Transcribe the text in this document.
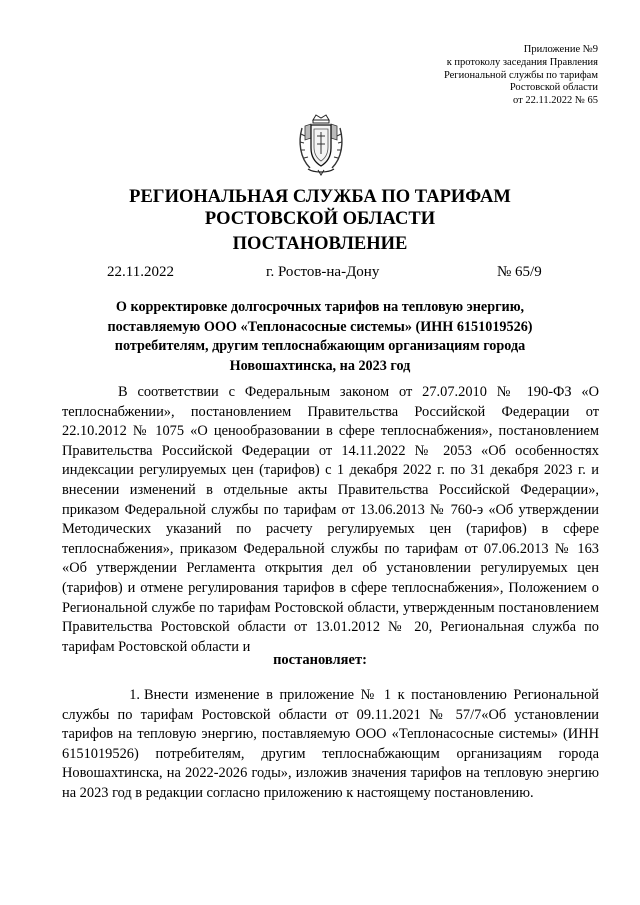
Приложение №9
к протоколу заседания Правления
Региональной службы по тарифам
Ростовской области
от 22.11.2022 № 65
РЕГИОНАЛЬНАЯ СЛУЖБА ПО ТАРИФАМ
РОСТОВСКОЙ ОБЛАСТИ
ПОСТАНОВЛЕНИЕ
22.11.2022	г. Ростов-на-Дону	№ 65/9
О корректировке долгосрочных тарифов на тепловую энергию,
поставляемую ООО «Теплонасосные системы» (ИНН 6151019526)
потребителям, другим теплоснабжающим организациям города
Новошахтинска, на 2023 год

В соответствии с Федеральным законом от 27.07.2010 № 190-ФЗ «О теплоснабжении», постановлением Правительства Российской Федерации от 22.10.2012 № 1075 «О ценообразовании в сфере теплоснабжения», постановлением Правительства Российской Федерации от 14.11.2022 № 2053 «Об особенностях индексации регулируемых цен (тарифов) с 1 декабря 2022 г. по 31 декабря 2023 г. и внесении изменений в отдельные акты Правительства Российской Федерации», приказом Федеральной службы по тарифам от 13.06.2013 № 760-э «Об утверждении Методических указаний по расчету регулируемых цен (тарифов) в сфере теплоснабжения», приказом Федеральной службы по тарифам от 07.06.2013 № 163 «Об утверждении Регламента открытия дел об установлении регулируемых цен (тарифов) и отмене регулирования тарифов в сфере теплоснабжения», Положением о Региональной службе по тарифам Ростовской области, утвержденным постановлением Правительства Ростовской области от 13.01.2012 № 20, Региональная служба по тарифам Ростовской области и

постановляет:

1. Внести изменение в приложение № 1 к постановлению Региональной службы по тарифам Ростовской области от 09.11.2021 № 57/7«Об установлении тарифов на тепловую энергию, поставляемую ООО «Теплонасосные системы» (ИНН 6151019526) потребителям, другим теплоснабжающим организациям города Новошахтинска, на 2022-2026 годы», изложив значения тарифов на тепловую энергию на 2023 год в редакции согласно приложению к настоящему постановлению.
